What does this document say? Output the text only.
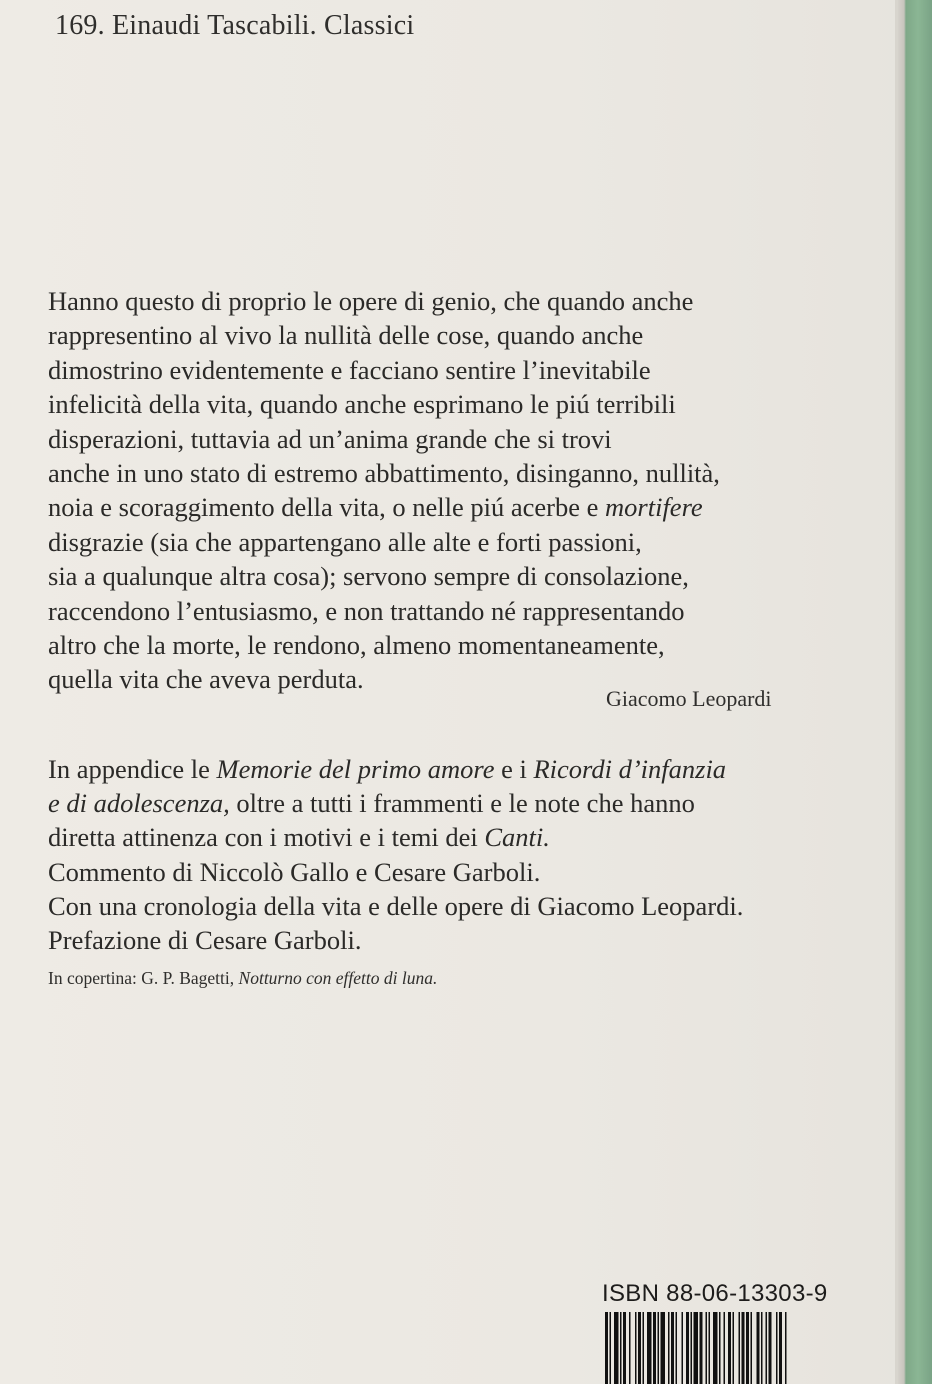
169. Einaudi Tascabili. Classici
Hanno questo di proprio le opere di genio, che quando anche
rappresentino al vivo la nullità delle cose, quando anche
dimostrino evidentemente e facciano sentire l’inevitabile
infelicità della vita, quando anche esprimano le piú terribili
disperazioni, tuttavia ad un’anima grande che si trovi
anche in uno stato di estremo abbattimento, disinganno, nullità,
noia e scoraggimento della vita, o nelle piú acerbe e mortifere
disgrazie (sia che appartengano alle alte e forti passioni,
sia a qualunque altra cosa); servono sempre di consolazione,
raccendono l’entusiasmo, e non trattando né rappresentando
altro che la morte, le rendono, almeno momentaneamente,
quella vita che aveva perduta.
Giacomo Leopardi
In appendice le Memorie del primo amore e i Ricordi d’infanzia
e di adolescenza, oltre a tutti i frammenti e le note che hanno
diretta attinenza con i motivi e i temi dei Canti.
Commento di Niccolò Gallo e Cesare Garboli.
Con una cronologia della vita e delle opere di Giacomo Leopardi.
Prefazione di Cesare Garboli.
In copertina: G. P. Bagetti, Notturno con effetto di luna.
ISBN 88-06-13303-9
